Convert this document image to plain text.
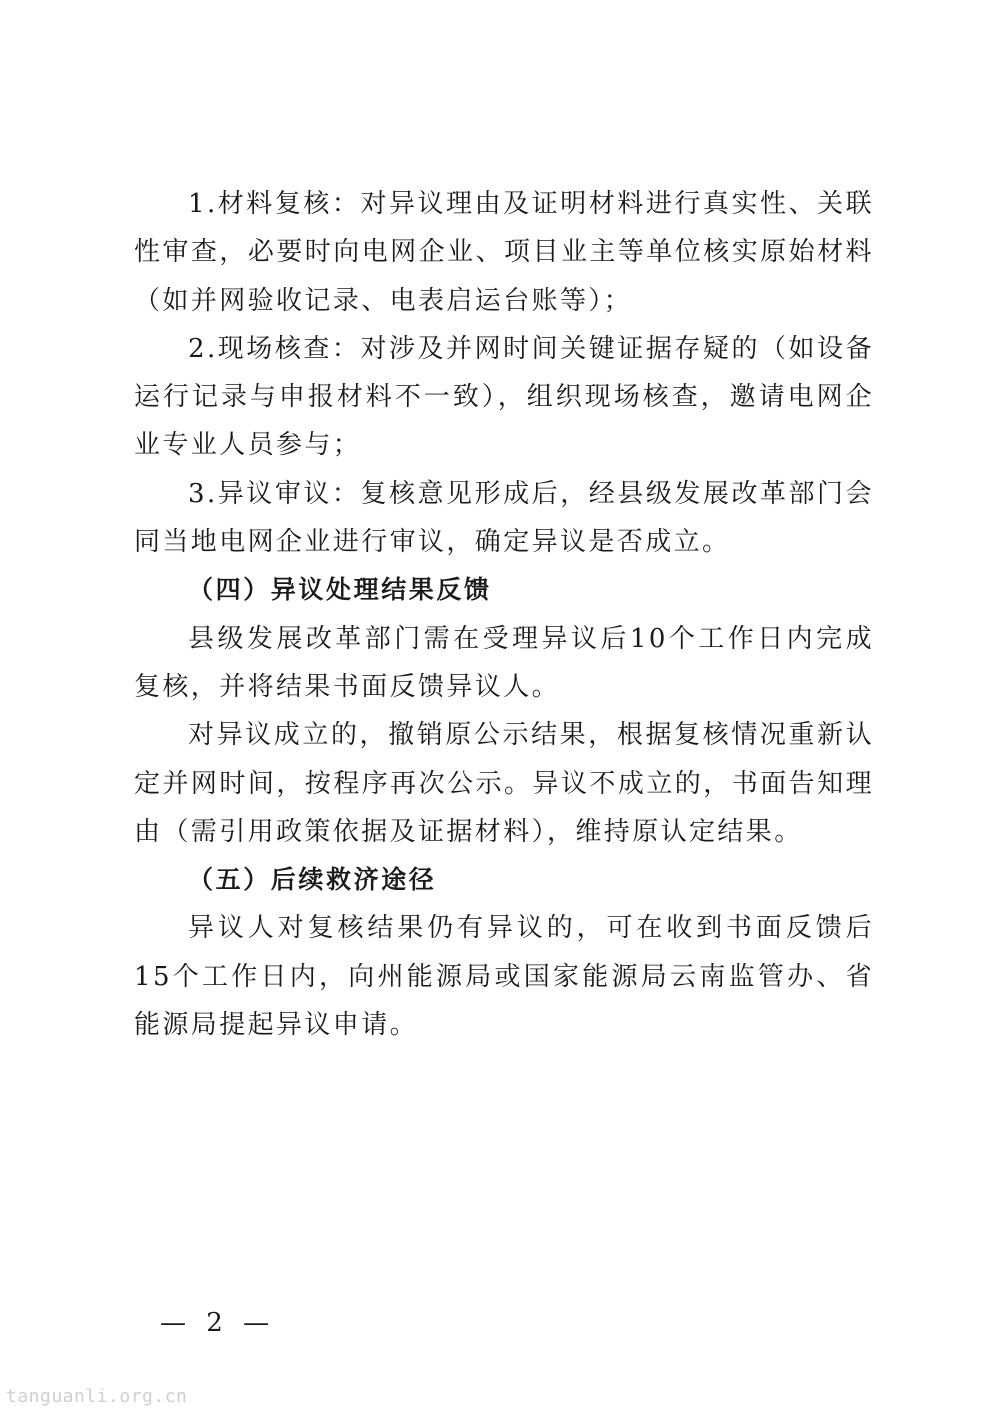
1.材料复核：对异议理由及证明材料进行真实性、关联性审查，必要时向电网企业、项目业主等单位核实原始材料（如并网验收记录、电表启运台账等）；

2.现场核查：对涉及并网时间关键证据存疑的（如设备运行记录与申报材料不一致），组织现场核查，邀请电网企业专业人员参与；

3.异议审议：复核意见形成后，经县级发展改革部门会同当地电网企业进行审议，确定异议是否成立。

（四）异议处理结果反馈

县级发展改革部门需在受理异议后10个工作日内完成复核，并将结果书面反馈异议人。

对异议成立的，撤销原公示结果，根据复核情况重新认定并网时间，按程序再次公示。异议不成立的，书面告知理由（需引用政策依据及证据材料），维持原认定结果。

（五）后续救济途径

异议人对复核结果仍有异议的，可在收到书面反馈后 15个工作日内，向州能源局或国家能源局云南监管办、省能源局提起异议申请。

— 2 —

tanguanli.org.cn
